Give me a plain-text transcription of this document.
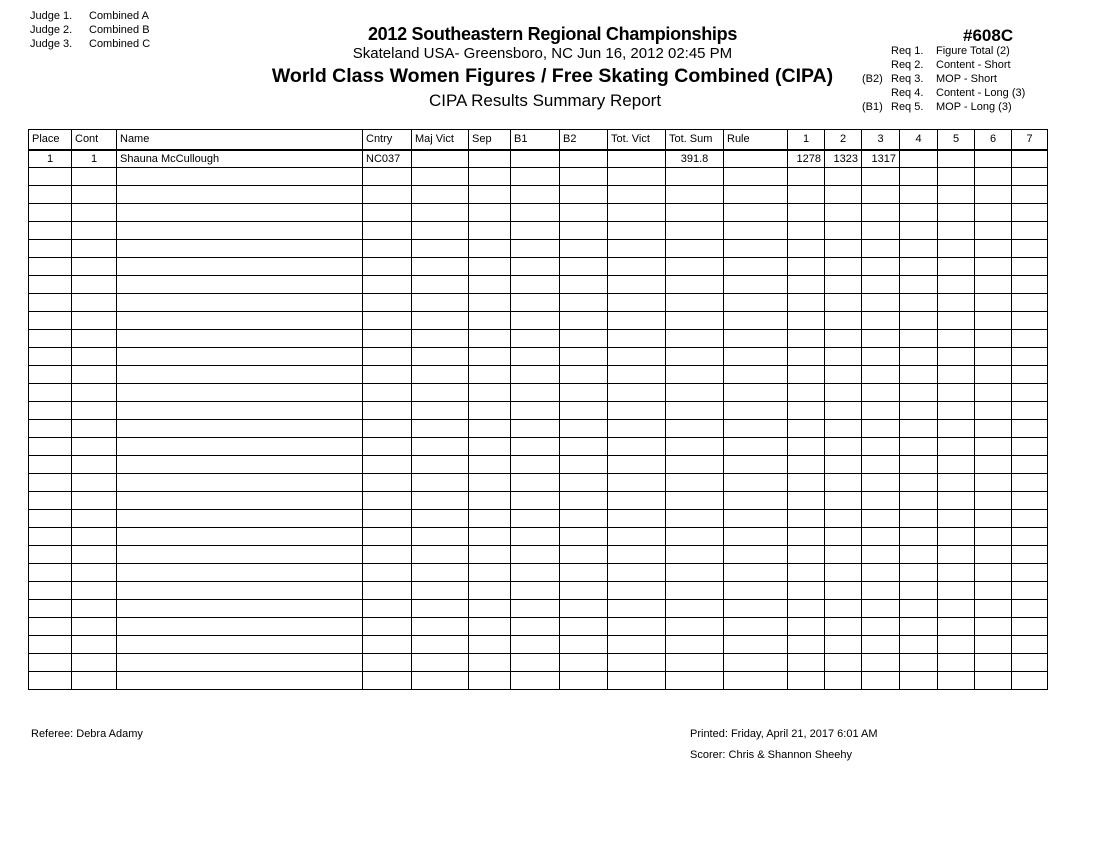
Judge 1. Combined A
Judge 2. Combined B
Judge 3. Combined C	2012 Southeastern Regional Championships
Skateland USA- Greensboro, NC Jun 16, 2012 02:45 PM
World Class Women Figures / Free Skating Combined (CIPA)
CIPA Results Summary Report
#608C
Req 1. Figure Total (2)
Req 2. Content - Short
(B2) Req 3. MOP - Short
Req 4. Content - Long (3)
(B1) Req 5. MOP - Long (3)
Place	Cont	Name	Cntry	Maj Vict	Sep	B1	B2	Tot. Vict	Tot. Sum	Rule	1	2	3	4	5	6	7
1	1	Shauna McCullough	NC037						391.8		1278	1323	1317				

Referee: Debra Adamy	Printed: Friday, April 21, 2017 6:01 AM
Scorer: Chris & Shannon Sheehy
